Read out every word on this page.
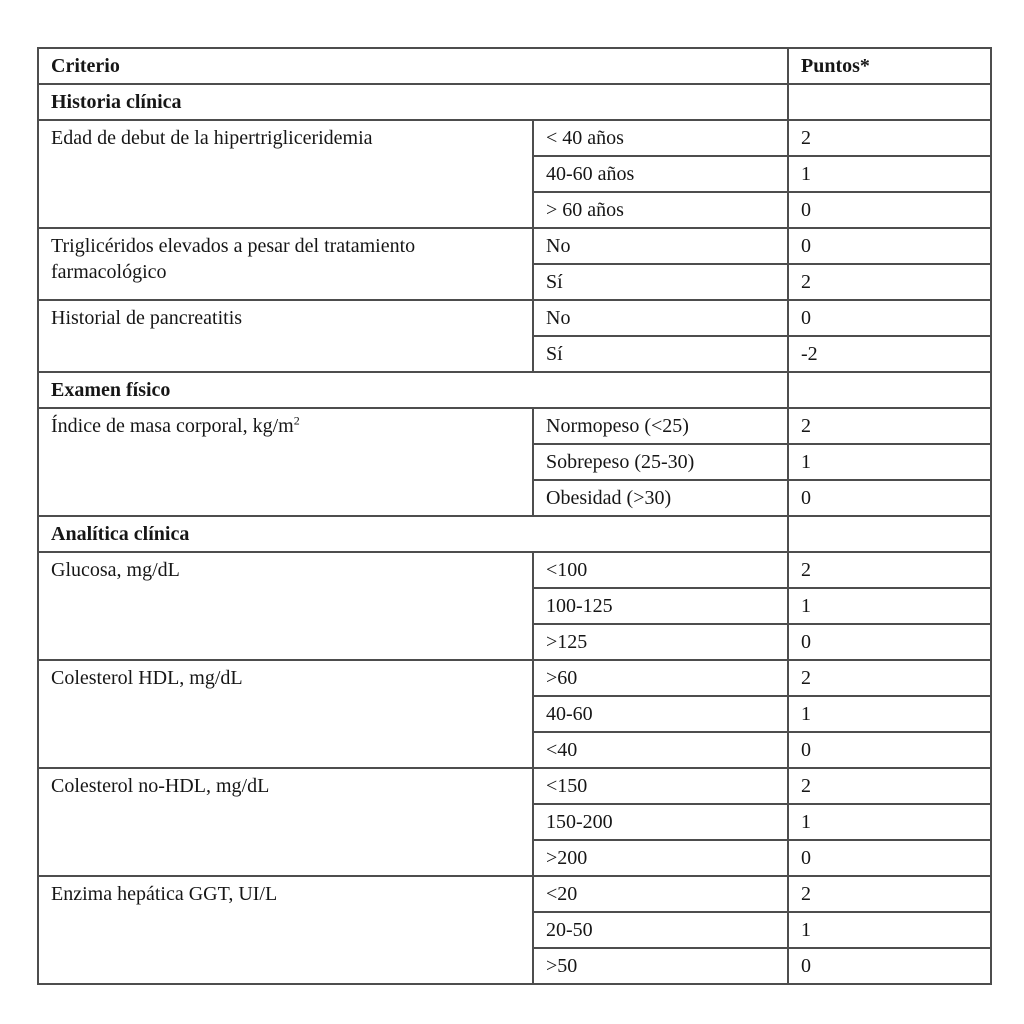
Criterio		Puntos*
Historia clínica		
Edad de debut de la hipertrigliceridemia	< 40 años	2
	40-60 años	1
	> 60 años	0
Triglicéridos elevados a pesar del tratamiento farmacológico	No	0
	Sí	2
Historial de pancreatitis	No	0
	Sí	-2
Examen físico		
Índice de masa corporal, $kg/m^2$	Normopeso (<25)	2
	Sobrepeso (25-30)	1
	Obesidad (>30)	0
Analítica clínica		
Glucosa, mg/dL	<100	2
	100-125	1
	>125	0
Colesterol HDL, mg/dL	>60	2
	40-60	1
	<40	0
Colesterol no-HDL, mg/dL	<150	2
	150-200	1
	>200	0
Enzima hepática GGT, UI/L	<20	2
	20-50	1
	>50	0
